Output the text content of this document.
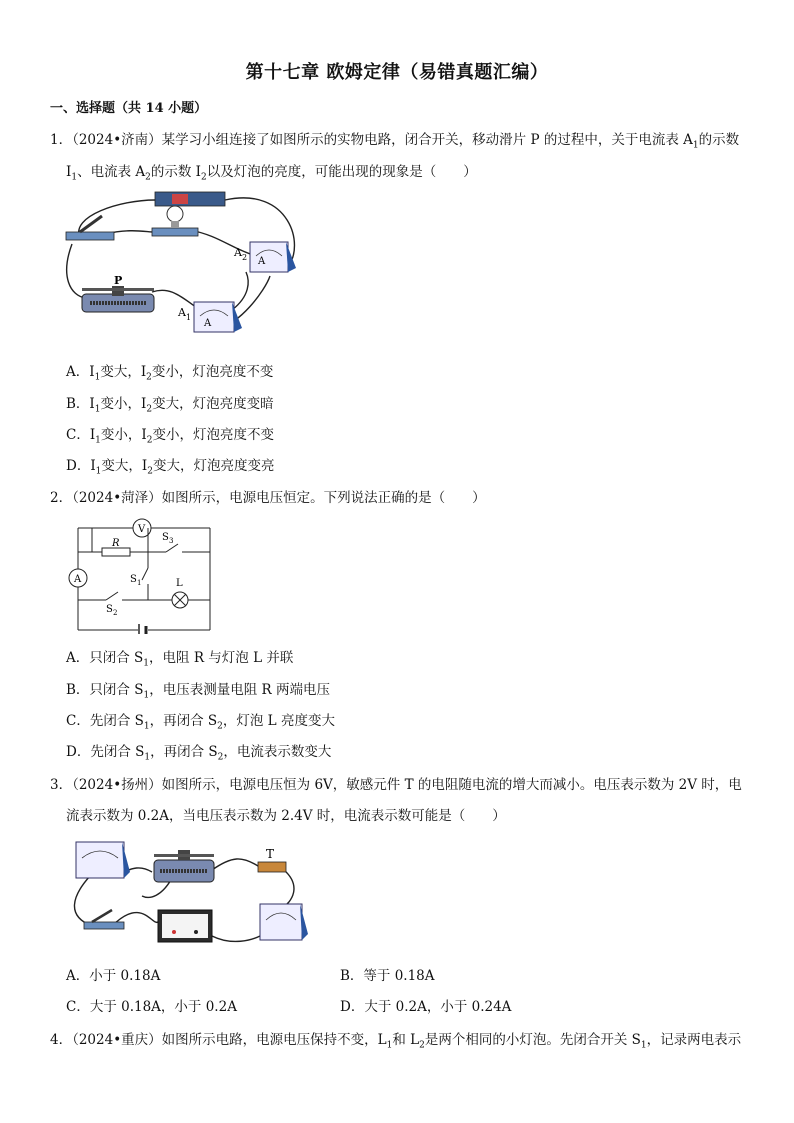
第十七章 欧姆定律（易错真题汇编）
一、选择题（共 14 小题）
1．（2024•济南）某学习小组连接了如图所示的实物电路，闭合开关，移动滑片 P 的过程中，关于电流表 $A_1$的示数
$I_1$、电流表 $A_2$的示数 $I_2$以及灯泡的亮度，可能出现的现象是（　　）
A
A 2
P
A
A 1
A．$I_1$变大，$I_2$变小，灯泡亮度不变
B．$I_1$变小，$I_2$变大，灯泡亮度变暗
C．$I_1$变小，$I_2$变小，灯泡亮度不变
D．$I_1$变大，$I_2$变大，灯泡亮度变亮
2．（2024•菏泽）如图所示，电源电压恒定。下列说法正确的是（　　）
V
R
S 3
S 1
A
S 2
L
A．只闭合 $S_1$，电阻 R 与灯泡 L 并联
B．只闭合 $S_1$，电压表测量电阻 R 两端电压
C．先闭合 $S_1$，再闭合 $S_2$，灯泡 L 亮度变大
D．先闭合 $S_1$，再闭合 $S_2$，电流表示数变大
3．（2024•扬州）如图所示，电源电压恒为 6V，敏感元件 T 的电阻随电流的增大而减小。电压表示数为 2V 时，电
流表示数为 0.2A，当电压表示数为 2.4V 时，电流表示数可能是（　　）
T
A．小于 0.18A	B．等于 0.18A
C．大于 0.18A，小于 0.2A	D．大于 0.2A，小于 0.24A
4．（2024•重庆）如图所示电路，电源电压保持不变，$L_1$和 $L_2$是两个相同的小灯泡。先闭合开关 $S_1$，记录两电表示
